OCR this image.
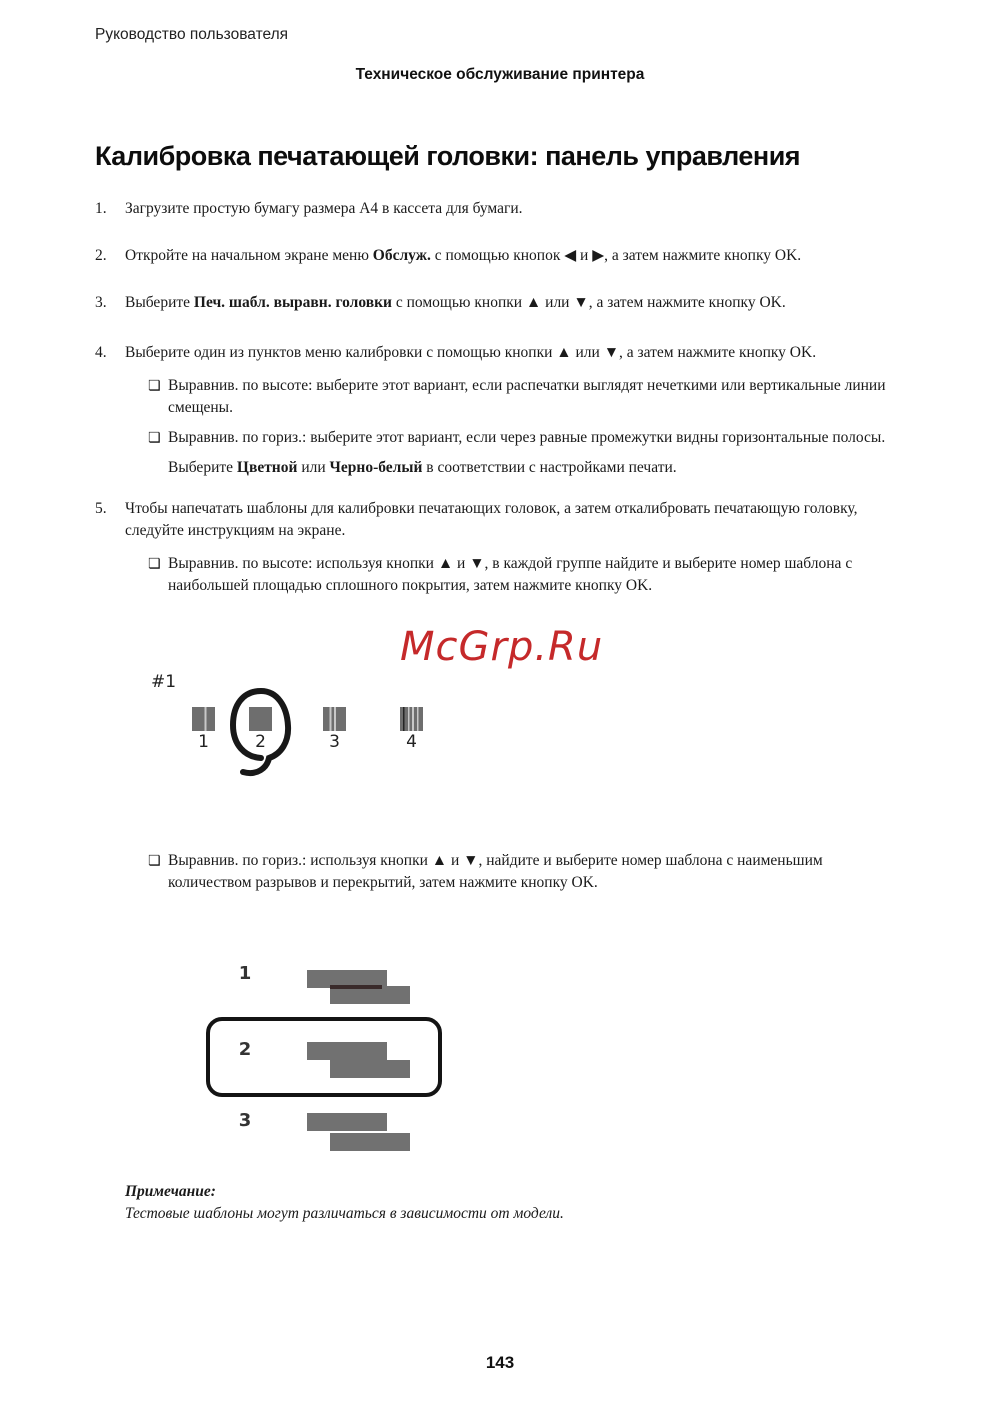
Руководство пользователя
Техническое обслуживание принтера
Калибровка печатающей головки: панель управления
1.	Загрузите простую бумагу размера A4 в кассета для бумаги.
2.	Откройте на начальном экране меню Обслуж. с помощью кнопок ◀ и ▶, а затем нажмите кнопку OK.
3.	Выберите Печ. шабл. выравн. головки с помощью кнопки ▲ или ▼, а затем нажмите кнопку OK.
4.	Выберите один из пунктов меню калибровки с помощью кнопки ▲ или ▼, а затем нажмите кнопку OK.
❏ Выравнив. по высоте: выберите этот вариант, если распечатки выглядят нечеткими или вертикальные линии смещены.
❏ Выравнив. по гориз.: выберите этот вариант, если через равные промежутки видны горизонтальные полосы.
Выберите Цветной или Черно-белый в соответствии с настройками печати.
5.	Чтобы напечатать шаблоны для калибровки печатающих головок, а затем откалибровать печатающую головку, следуйте инструкциям на экране.
❏ Выравнив. по высоте: используя кнопки ▲ и ▼, в каждой группе найдите и выберите номер шаблона с наибольшей площадью сплошного покрытия, затем нажмите кнопку OK.
McGrp.Ru
#1
1	2	3	4
❏ Выравнив. по гориз.: используя кнопки ▲ и ▼, найдите и выберите номер шаблона с наименьшим количеством разрывов и перекрытий, затем нажмите кнопку OK.
1
2
3
Примечание:
Тестовые шаблоны могут различаться в зависимости от модели.
143
